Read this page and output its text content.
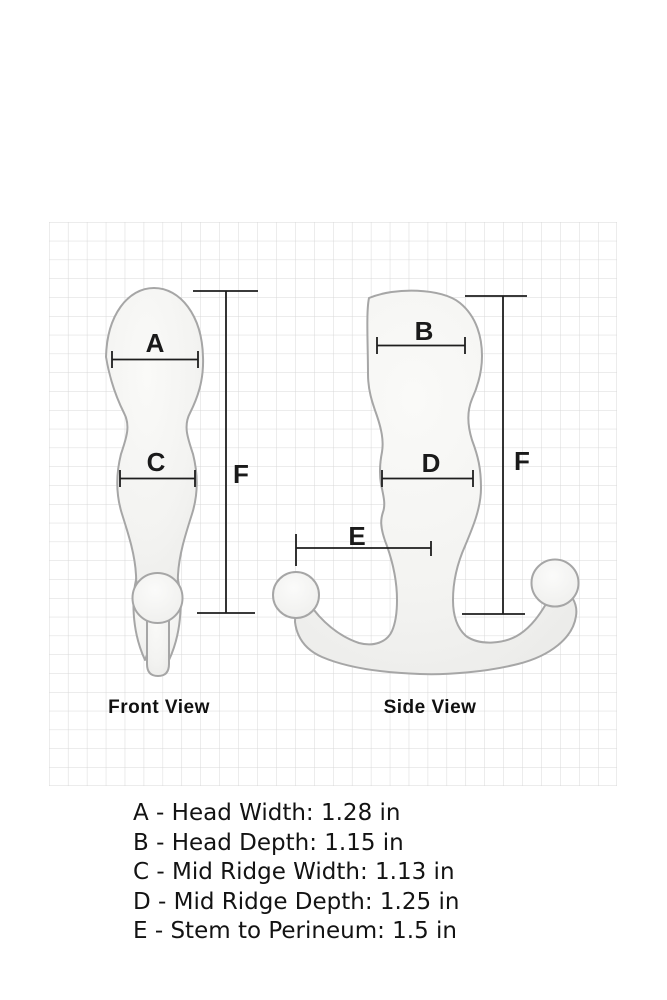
A
C	F
B
D
E
F
Front View	Side View
A - Head Width: 1.28 in
B - Head Depth: 1.15 in
C - Mid Ridge Width: 1.13 in
D - Mid Ridge Depth: 1.25 in
E - Stem to Perineum: 1.5 in
